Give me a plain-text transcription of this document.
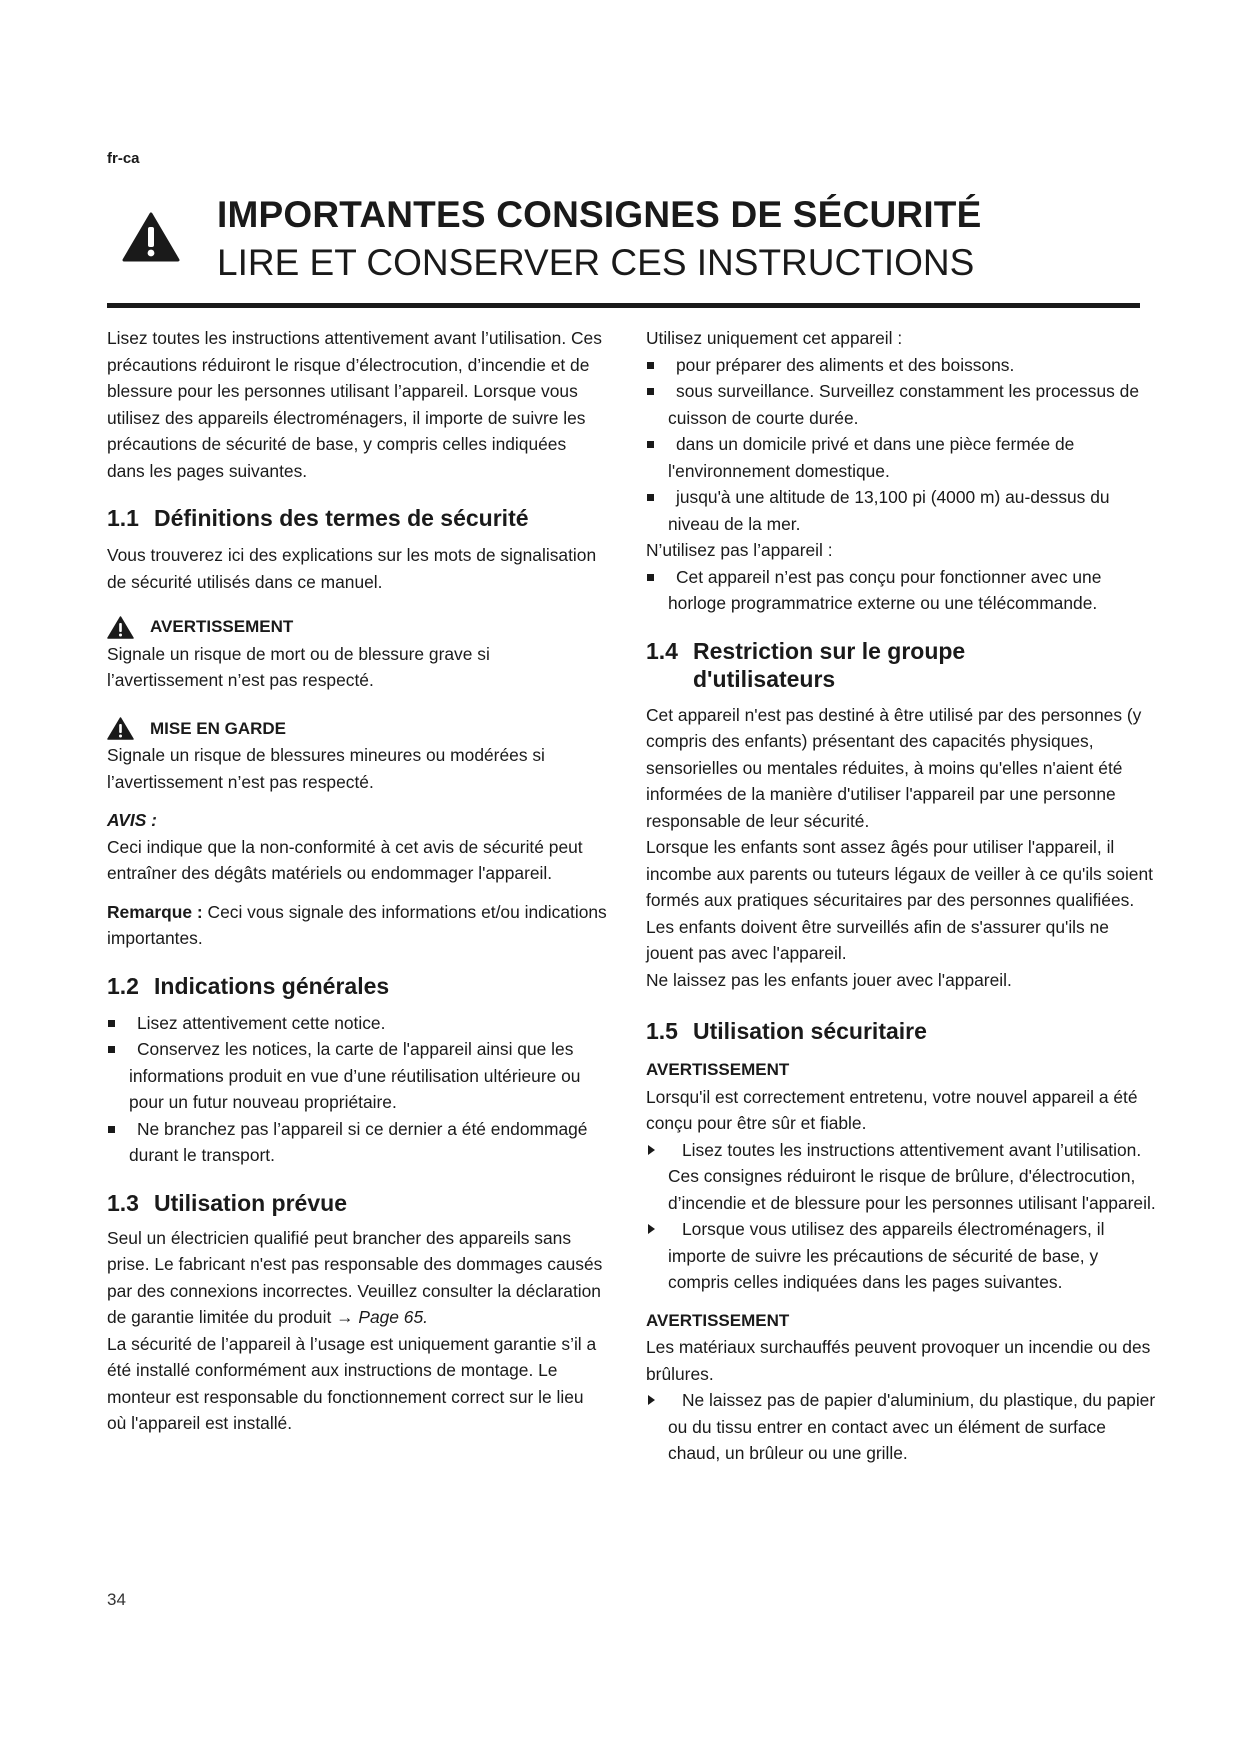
fr-ca
IMPORTANTES CONSIGNES DE SÉCURITÉ
LIRE ET CONSERVER CES INSTRUCTIONS

Lisez toutes les instructions attentivement avant l’utilisation. Ces précautions réduiront le risque d’électrocution, d’incendie et de blessure pour les personnes utilisant l’appareil. Lorsque vous utilisez des appareils électroménagers, il importe de suivre les précautions de sécurité de base, y compris celles indiquées dans les pages suivantes.

1.1 Définitions des termes de sécurité

Vous trouverez ici des explications sur les mots de signalisation de sécurité utilisés dans ce manuel.

AVERTISSEMENT

Signale un risque de mort ou de blessure grave si l’avertissement n’est pas respecté.

MISE EN GARDE

Signale un risque de blessures mineures ou modérées si l’avertissement n’est pas respecté.

AVIS :

Ceci indique que la non-conformité à cet avis de sécurité peut entraîner des dégâts matériels ou endommager l'appareil.

Remarque : Ceci vous signale des informations et/ou indications importantes.

1.2 Indications générales
Lisez attentivement cette notice.
Conservez les notices, la carte de l'appareil ainsi que les informations produit en vue d’une réutilisation ultérieure ou pour un futur nouveau propriétaire.
Ne branchez pas l’appareil si ce dernier a été endommagé durant le transport.
1.3 Utilisation prévue

Seul un électricien qualifié peut brancher des appareils sans prise. Le fabricant n'est pas responsable des dommages causés par des connexions incorrectes. Veuillez consulter la déclaration de garantie limitée du produit → Page 65.

La sécurité de l’appareil à l’usage est uniquement garantie s’il a été installé conformément aux instructions de montage. Le monteur est responsable du fonctionnement correct sur le lieu où l'appareil est installé.

Utilisez uniquement cet appareil :

pour préparer des aliments et des boissons.
sous surveillance. Surveillez constamment les processus de cuisson de courte durée.
dans un domicile privé et dans une pièce fermée de l'environnement domestique.
jusqu'à une altitude de 13,100 pi (4000 m) au-dessus du niveau de la mer.

N’utilisez pas l’appareil :

Cet appareil n’est pas conçu pour fonctionner avec une horloge programmatrice externe ou une télécommande.
1.4 Restriction sur le groupe
d'utilisateurs

Cet appareil n'est pas destiné à être utilisé par des personnes (y compris des enfants) présentant des capacités physiques, sensorielles ou mentales réduites, à moins qu'elles n'aient été informées de la manière d'utiliser l'appareil par une personne responsable de leur sécurité.

Lorsque les enfants sont assez âgés pour utiliser l'appareil, il incombe aux parents ou tuteurs légaux de veiller à ce qu'ils soient formés aux pratiques sécuritaires par des personnes qualifiées.

Les enfants doivent être surveillés afin de s'assurer qu'ils ne jouent pas avec l'appareil.

Ne laissez pas les enfants jouer avec l'appareil.

1.5 Utilisation sécuritaire

AVERTISSEMENT

Lorsqu'il est correctement entretenu, votre nouvel appareil a été conçu pour être sûr et fiable.

Lisez toutes les instructions attentivement avant l’utilisation. Ces consignes réduiront le risque de brûlure, d'électrocution, d’incendie et de blessure pour les personnes utilisant l'appareil.
Lorsque vous utilisez des appareils électroménagers, il importe de suivre les précautions de sécurité de base, y compris celles indiquées dans les pages suivantes.

AVERTISSEMENT

Les matériaux surchauffés peuvent provoquer un incendie ou des brûlures.

Ne laissez pas de papier d'aluminium, du plastique, du papier ou du tissu entrer en contact avec un élément de surface chaud, un brûleur ou une grille.
34
